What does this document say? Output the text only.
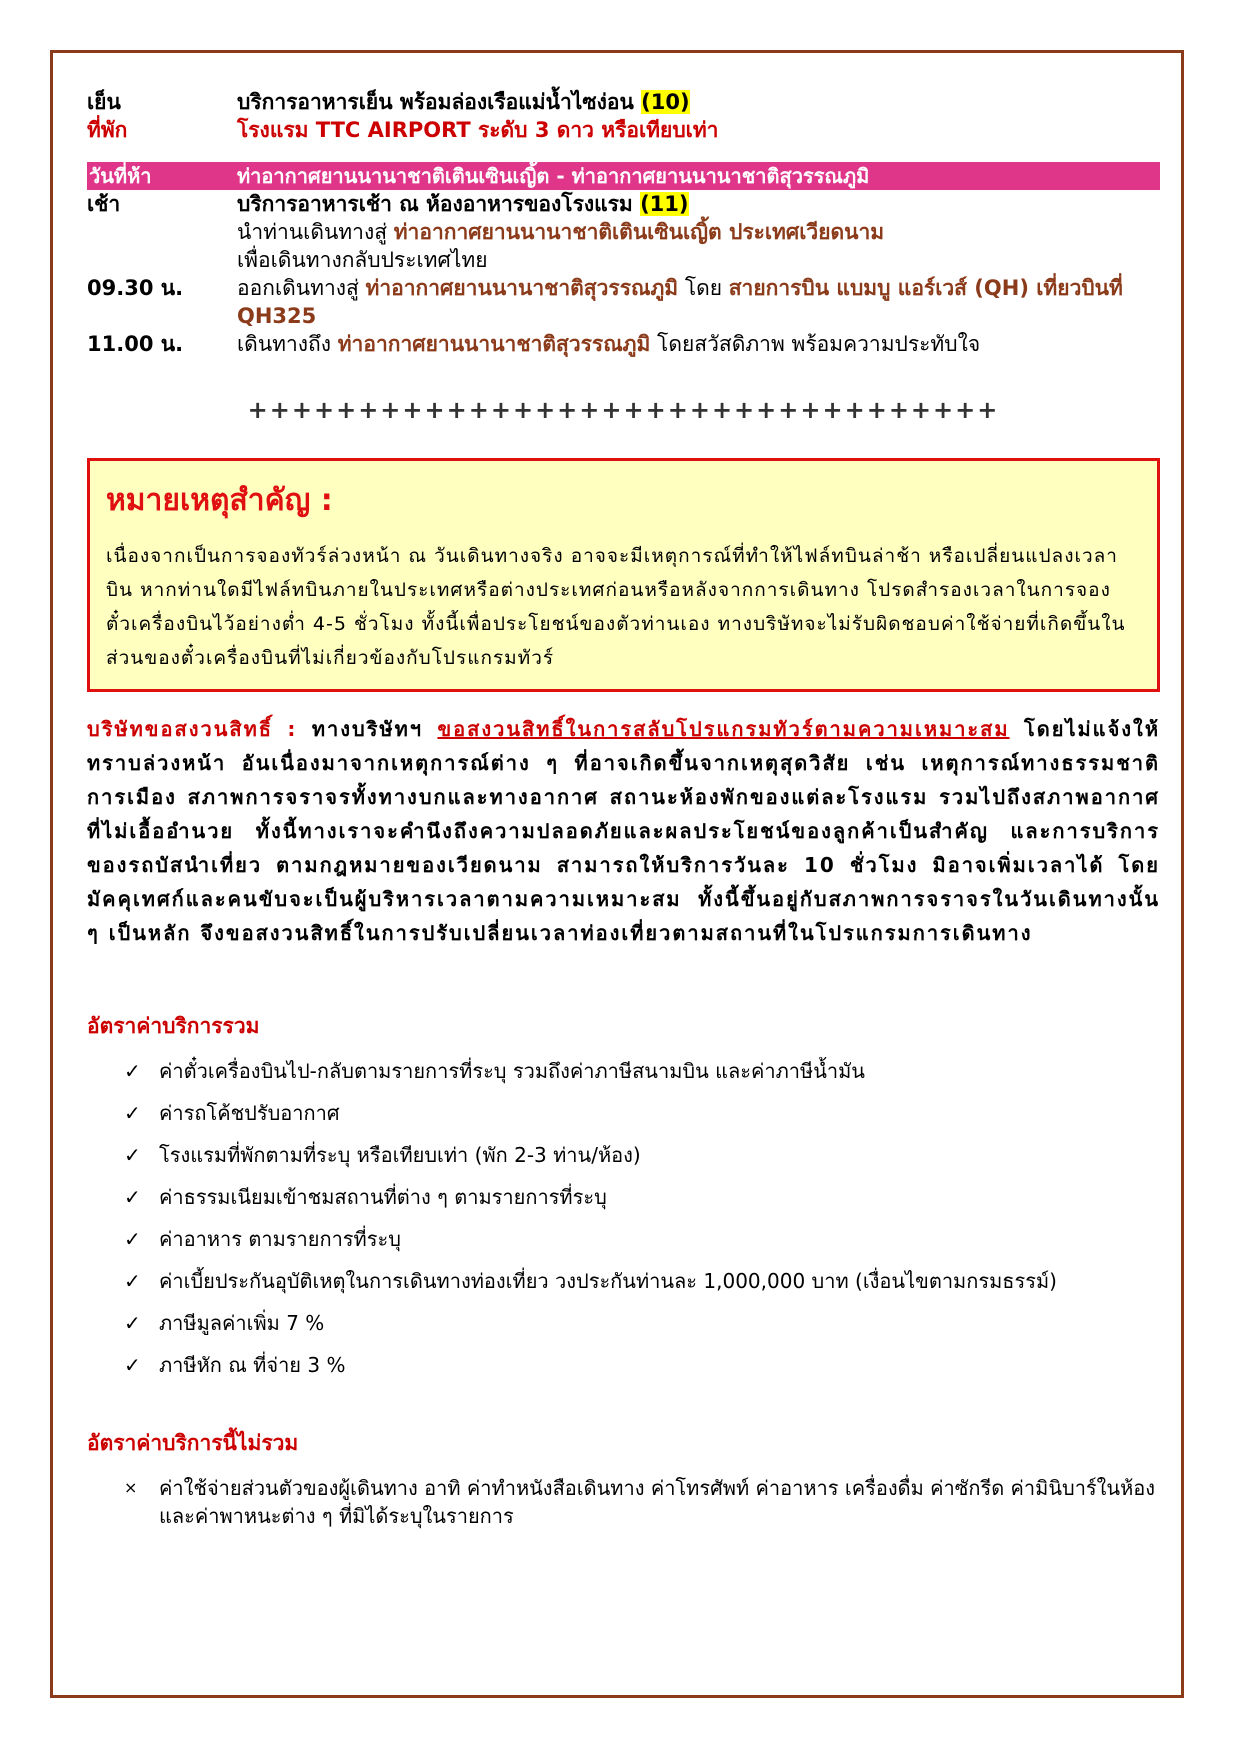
เย็น	บริการอาหารเย็น พร้อมล่องเรือแม่น้ำไซง่อน (10)
ที่พัก	โรงแรม TTC AIRPORT ระดับ 3 ดาว หรือเทียบเท่า
วันที่ห้า	ท่าอากาศยานนานาชาติเตินเซินเญิ้ต - ท่าอากาศยานนานาชาติสุวรรณภูมิ
เช้า	บริการอาหารเช้า ณ ห้องอาหารของโรงแรม (11)
นำท่านเดินทางสู่ ท่าอากาศยานนานาชาติเตินเซินเญิ้ต ประเทศเวียดนาม
เพื่อเดินทางกลับประเทศไทย
09.30 น.	ออกเดินทางสู่ ท่าอากาศยานนานาชาติสุวรรณภูมิ โดย สายการบิน แบมบู แอร์เวส์ (QH) เที่ยวบินที่ QH325
11.00 น.	เดินทางถึง ท่าอากาศยานนานาชาติสุวรรณภูมิ โดยสวัสดิภาพ พร้อมความประทับใจ
++++++++++++++++++++++++++++++++++
หมายเหตุสำคัญ :
เนื่องจากเป็นการจองทัวร์ล่วงหน้า ณ วันเดินทางจริง อาจจะมีเหตุการณ์ที่ทำให้ไฟล์ทบินล่าช้า หรือเปลี่ยนแปลงเวลาบิน หากท่านใดมีไฟล์ทบินภายในประเทศหรือต่างประเทศก่อนหรือหลังจากการเดินทาง โปรดสำรองเวลาในการจองตั๋วเครื่องบินไว้อย่างต่ำ 4-5 ชั่วโมง ทั้งนี้เพื่อประโยชน์ของตัวท่านเอง ทางบริษัทจะไม่รับผิดชอบค่าใช้จ่ายที่เกิดขึ้นในส่วนของตั๋วเครื่องบินที่ไม่เกี่ยวข้องกับโปรแกรมทัวร์
บริษัทขอสงวนสิทธิ์ : ทางบริษัทฯ ขอสงวนสิทธิ์ในการสลับโปรแกรมทัวร์ตามความเหมาะสม โดยไม่แจ้งให้ทราบล่วงหน้า อันเนื่องมาจากเหตุการณ์ต่าง ๆ ที่อาจเกิดขึ้นจากเหตุสุดวิสัย เช่น เหตุการณ์ทางธรรมชาติ การเมือง สภาพการจราจรทั้งทางบกและทางอากาศ สถานะห้องพักของแต่ละโรงแรม รวมไปถึงสภาพอากาศที่ไม่เอื้ออำนวย ทั้งนี้ทางเราจะคำนึงถึงความปลอดภัยและผลประโยชน์ของลูกค้าเป็นสำคัญ และการบริการของรถบัสนำเที่ยว ตามกฎหมายของเวียดนาม สามารถให้บริการวันละ 10 ชั่วโมง มิอาจเพิ่มเวลาได้ โดยมัคคุเทศก์และคนขับจะเป็นผู้บริหารเวลาตามความเหมาะสม ทั้งนี้ขึ้นอยู่กับสภาพการจราจรในวันเดินทางนั้น ๆ เป็นหลัก จึงขอสงวนสิทธิ์ในการปรับเปลี่ยนเวลาท่องเที่ยวตามสถานที่ในโปรแกรมการเดินทาง
อัตราค่าบริการรวม
✓ ค่าตั๋วเครื่องบินไป-กลับตามรายการที่ระบุ รวมถึงค่าภาษีสนามบิน และค่าภาษีน้ำมัน
✓ ค่ารถโค้ชปรับอากาศ
✓ โรงแรมที่พักตามที่ระบุ หรือเทียบเท่า (พัก 2-3 ท่าน/ห้อง)
✓ ค่าธรรมเนียมเข้าชมสถานที่ต่าง ๆ ตามรายการที่ระบุ
✓ ค่าอาหาร ตามรายการที่ระบุ
✓ ค่าเบี้ยประกันอุบัติเหตุในการเดินทางท่องเที่ยว วงประกันท่านละ 1,000,000 บาท (เงื่อนไขตามกรมธรรม์)
✓ ภาษีมูลค่าเพิ่ม 7 %
✓ ภาษีหัก ณ ที่จ่าย 3 %
อัตราค่าบริการนี้ไม่รวม
×	ค่าใช้จ่ายส่วนตัวของผู้เดินทาง อาทิ ค่าทำหนังสือเดินทาง ค่าโทรศัพท์ ค่าอาหาร เครื่องดื่ม ค่าซักรีด ค่ามินิบาร์ในห้องและค่าพาหนะต่าง ๆ ที่มิได้ระบุในรายการ
